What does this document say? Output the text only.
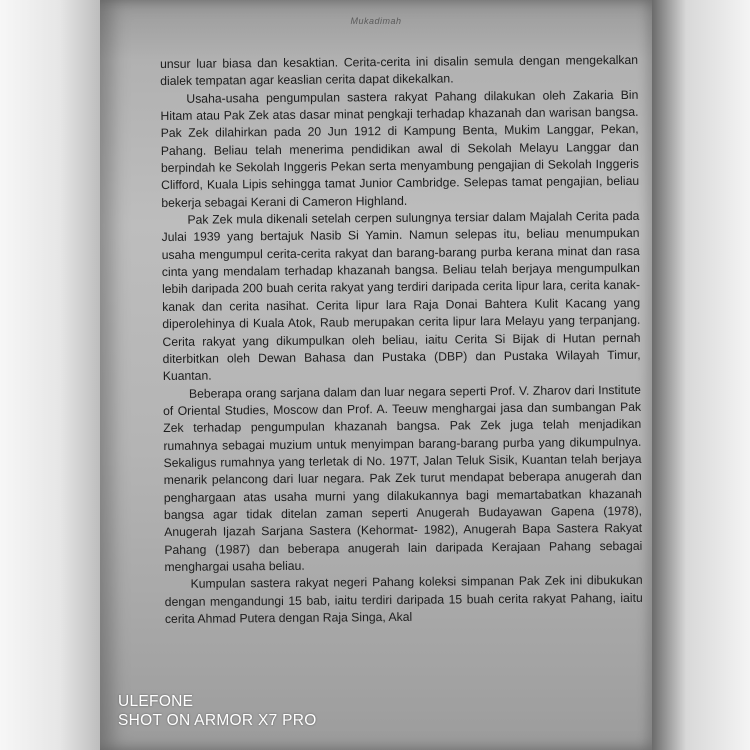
Mukadimah

unsur luar biasa dan kesaktian. Cerita-cerita ini disalin semula dengan mengekalkan dialek tempatan agar keaslian cerita dapat dikekalkan.

Usaha-usaha pengumpulan sastera rakyat Pahang dilakukan oleh Zakaria Bin Hitam atau Pak Zek atas dasar minat pengkaji terhadap khazanah dan warisan bangsa. Pak Zek dilahirkan pada 20 Jun 1912 di Kampung Benta, Mukim Langgar, Pekan, Pahang. Beliau telah menerima pendidikan awal di Sekolah Melayu Langgar dan berpindah ke Sekolah Inggeris Pekan serta menyambung pengajian di Sekolah Inggeris Clifford, Kuala Lipis sehingga tamat Junior Cambridge. Selepas tamat pengajian, beliau bekerja sebagai Kerani di Cameron Highland.

Pak Zek mula dikenali setelah cerpen sulungnya tersiar dalam Majalah Cerita pada Julai 1939 yang bertajuk Nasib Si Yamin. Namun selepas itu, beliau menumpukan usaha mengumpul cerita-cerita rakyat dan barang-barang purba kerana minat dan rasa cinta yang mendalam terhadap khazanah bangsa. Beliau telah berjaya mengumpulkan lebih daripada 200 buah cerita rakyat yang terdiri daripada cerita lipur lara, cerita kanak-kanak dan cerita nasihat. Cerita lipur lara Raja Donai Bahtera Kulit Kacang yang diperolehinya di Kuala Atok, Raub merupakan cerita lipur lara Melayu yang terpanjang. Cerita rakyat yang dikumpulkan oleh beliau, iaitu Cerita Si Bijak di Hutan pernah diterbitkan oleh Dewan Bahasa dan Pustaka (DBP) dan Pustaka Wilayah Timur, Kuantan.

Beberapa orang sarjana dalam dan luar negara seperti Prof. V. Zharov dari Institute of Oriental Studies, Moscow dan Prof. A. Teeuw menghargai jasa dan sumbangan Pak Zek terhadap pengumpulan khazanah bangsa. Pak Zek juga telah menjadikan rumahnya sebagai muzium untuk menyimpan barang-barang purba yang dikumpulnya. Sekaligus rumahnya yang terletak di No. 197T, Jalan Teluk Sisik, Kuantan telah berjaya menarik pelancong dari luar negara. Pak Zek turut mendapat beberapa anugerah dan penghargaan atas usaha murni yang dilakukannya bagi memartabatkan khazanah bangsa agar tidak ditelan zaman seperti Anugerah Budayawan Gapena (1978), Anugerah Ijazah Sarjana Sastera (Kehormat- 1982), Anugerah Bapa Sastera Rakyat Pahang (1987) dan beberapa anugerah lain daripada Kerajaan Pahang sebagai menghargai usaha beliau.

Kumpulan sastera rakyat negeri Pahang koleksi simpanan Pak Zek ini dibukukan dengan mengandungi 15 bab, iaitu terdiri daripada 15 buah cerita rakyat Pahang, iaitu cerita Ahmad Putera dengan Raja Singa, Akal

ULEFONE
SHOT ON ARMOR X7 PRO
